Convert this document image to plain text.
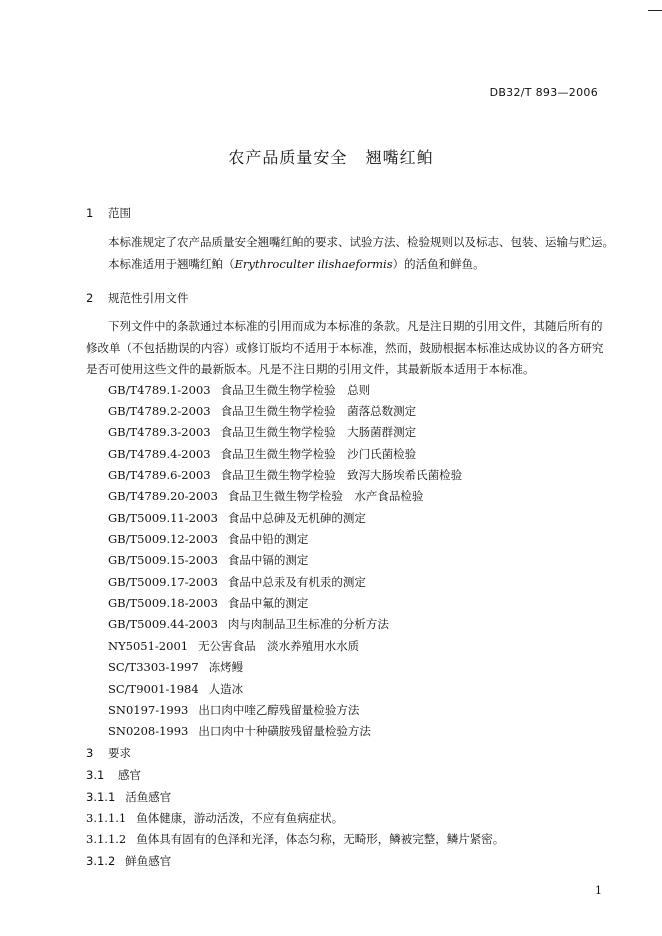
DB32/T 893—2006
农产品质量安全 翘嘴红鲌
1 范围
本标准规定了农产品质量安全翘嘴红鲌的要求、试验方法、检验规则以及标志、包装、运输与贮运。
本标准适用于翘嘴红鲌（Erythroculter ilishaeformis）的活鱼和鲜鱼。
2 规范性引用文件
下列文件中的条款通过本标准的引用而成为本标准的条款。凡是注日期的引用文件，其随后所有的
修改单（不包括勘误的内容）或修订版均不适用于本标准，然而，鼓励根据本标准达成协议的各方研究
是否可使用这些文件的最新版本。凡是不注日期的引用文件，其最新版本适用于本标准。
GB/T4789.1-2003 食品卫生微生物学检验　总则
GB/T4789.2-2003 食品卫生微生物学检验　菌落总数测定
GB/T4789.3-2003 食品卫生微生物学检验　大肠菌群测定
GB/T4789.4-2003 食品卫生微生物学检验　沙门氏菌检验
GB/T4789.6-2003 食品卫生微生物学检验　致泻大肠埃希氏菌检验
GB/T4789.20-2003 食品卫生微生物学检验　水产食品检验
GB/T5009.11-2003 食品中总砷及无机砷的测定
GB/T5009.12-2003 食品中铅的测定
GB/T5009.15-2003 食品中镉的测定
GB/T5009.17-2003 食品中总汞及有机汞的测定
GB/T5009.18-2003 食品中氟的测定
GB/T5009.44-2003 肉与肉制品卫生标准的分析方法
NY5051-2001 无公害食品　淡水养殖用水水质
SC/T3303-1997 冻烤鳗
SC/T9001-1984 人造冰
SN0197-1993 出口肉中喹乙醇残留量检验方法
SN0208-1993 出口肉中十种磺胺残留量检验方法
3 要求
3.1 感官
3.1.1 活鱼感官
3.1.1.1 鱼体健康，游动活泼，不应有鱼病症状。
3.1.1.2 鱼体具有固有的色泽和光泽，体态匀称，无畸形，鳞被完整，鳞片紧密。
3.1.2 鲜鱼感官
1
